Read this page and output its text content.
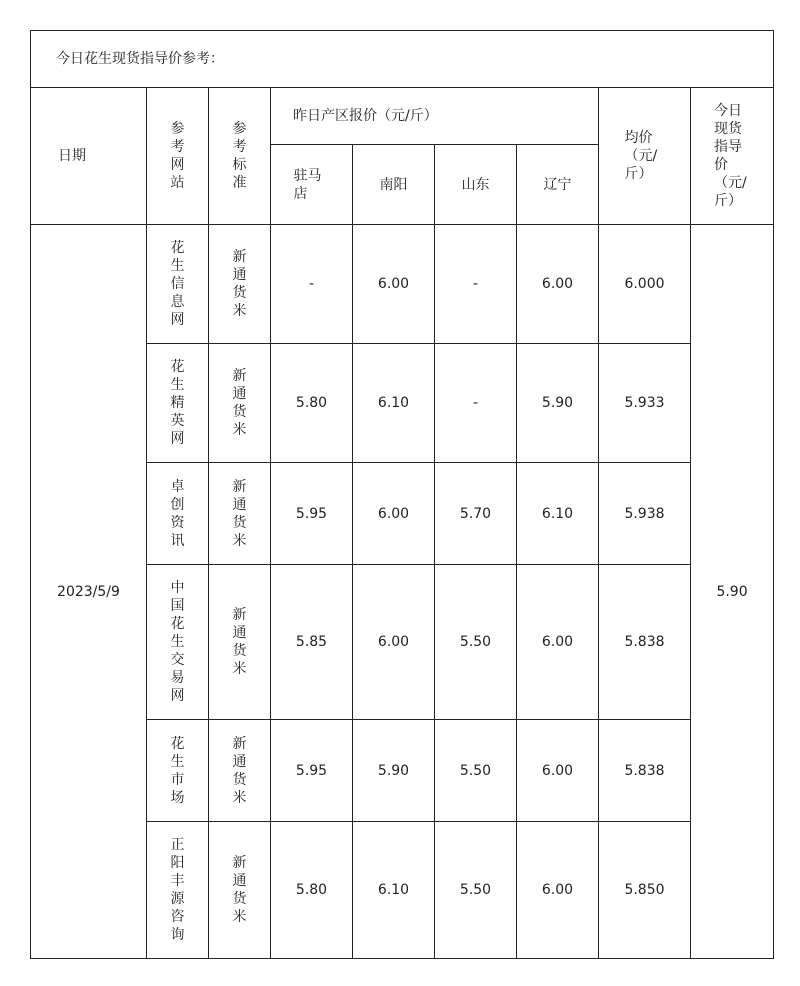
今日花生现货指导价参考：								
日期	参考网站	参考标准	昨日产区报价（元/斤）				均价（元/斤）	今日现货指导价（元/斤）
			驻马店	南阳	山东	辽宁		
2023/5/9	花生信息网	新通货米	-	6.00	-	6.00	6.000	5.90
	花生精英网	新通货米	5.80	6.10	-	5.90	5.933	
	卓创资讯	新通货米	5.95	6.00	5.70	6.10	5.938	
	中国花生交易网	新通货米	5.85	6.00	5.50	6.00	5.838	
	花生市场	新通货米	5.95	5.90	5.50	6.00	5.838	
	正阳丰源咨询	新通货米	5.80	6.10	5.50	6.00	5.850	
